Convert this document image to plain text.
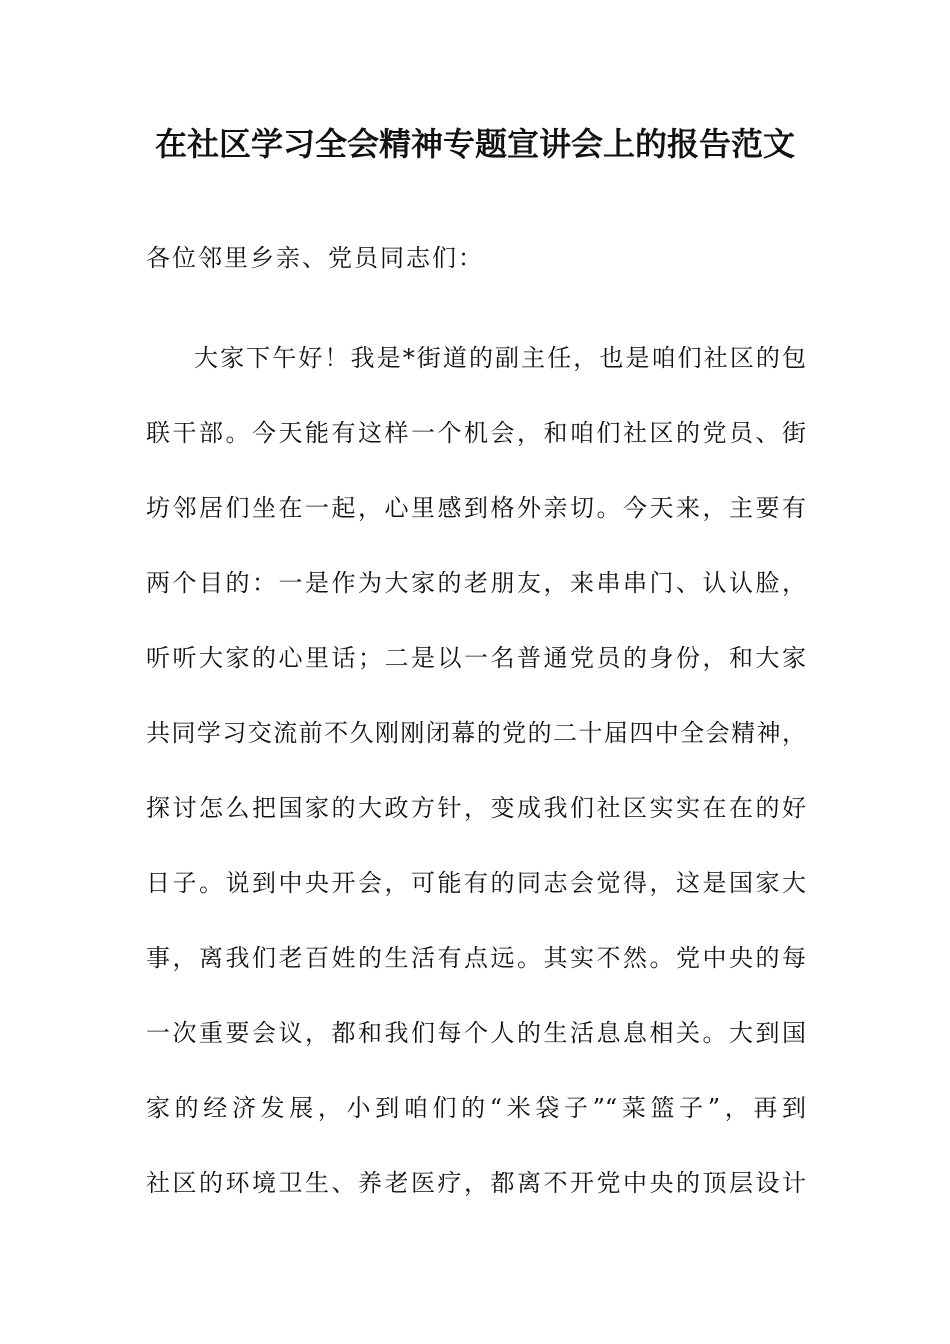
在社区学习全会精神专题宣讲会上的报告范文
各位邻里乡亲、党员同志们：
大家下午好！我是*街道的副主任，也是咱们社区的包
联干部。今天能有这样一个机会，和咱们社区的党员、街
坊邻居们坐在一起，心里感到格外亲切。今天来，主要有
两个目的：一是作为大家的老朋友，来串串门、认认脸，
听听大家的心里话；二是以一名普通党员的身份，和大家
共同学习交流前不久刚刚闭幕的党的二十届四中全会精神，
探讨怎么把国家的大政方针，变成我们社区实实在在的好
日子。说到中央开会，可能有的同志会觉得，这是国家大
事，离我们老百姓的生活有点远。其实不然。党中央的每
一次重要会议，都和我们每个人的生活息息相关。大到国
家的经济发展，小到咱们的“米袋子”“菜篮子”，再到
社区的环境卫生、养老医疗，都离不开党中央的顶层设计
